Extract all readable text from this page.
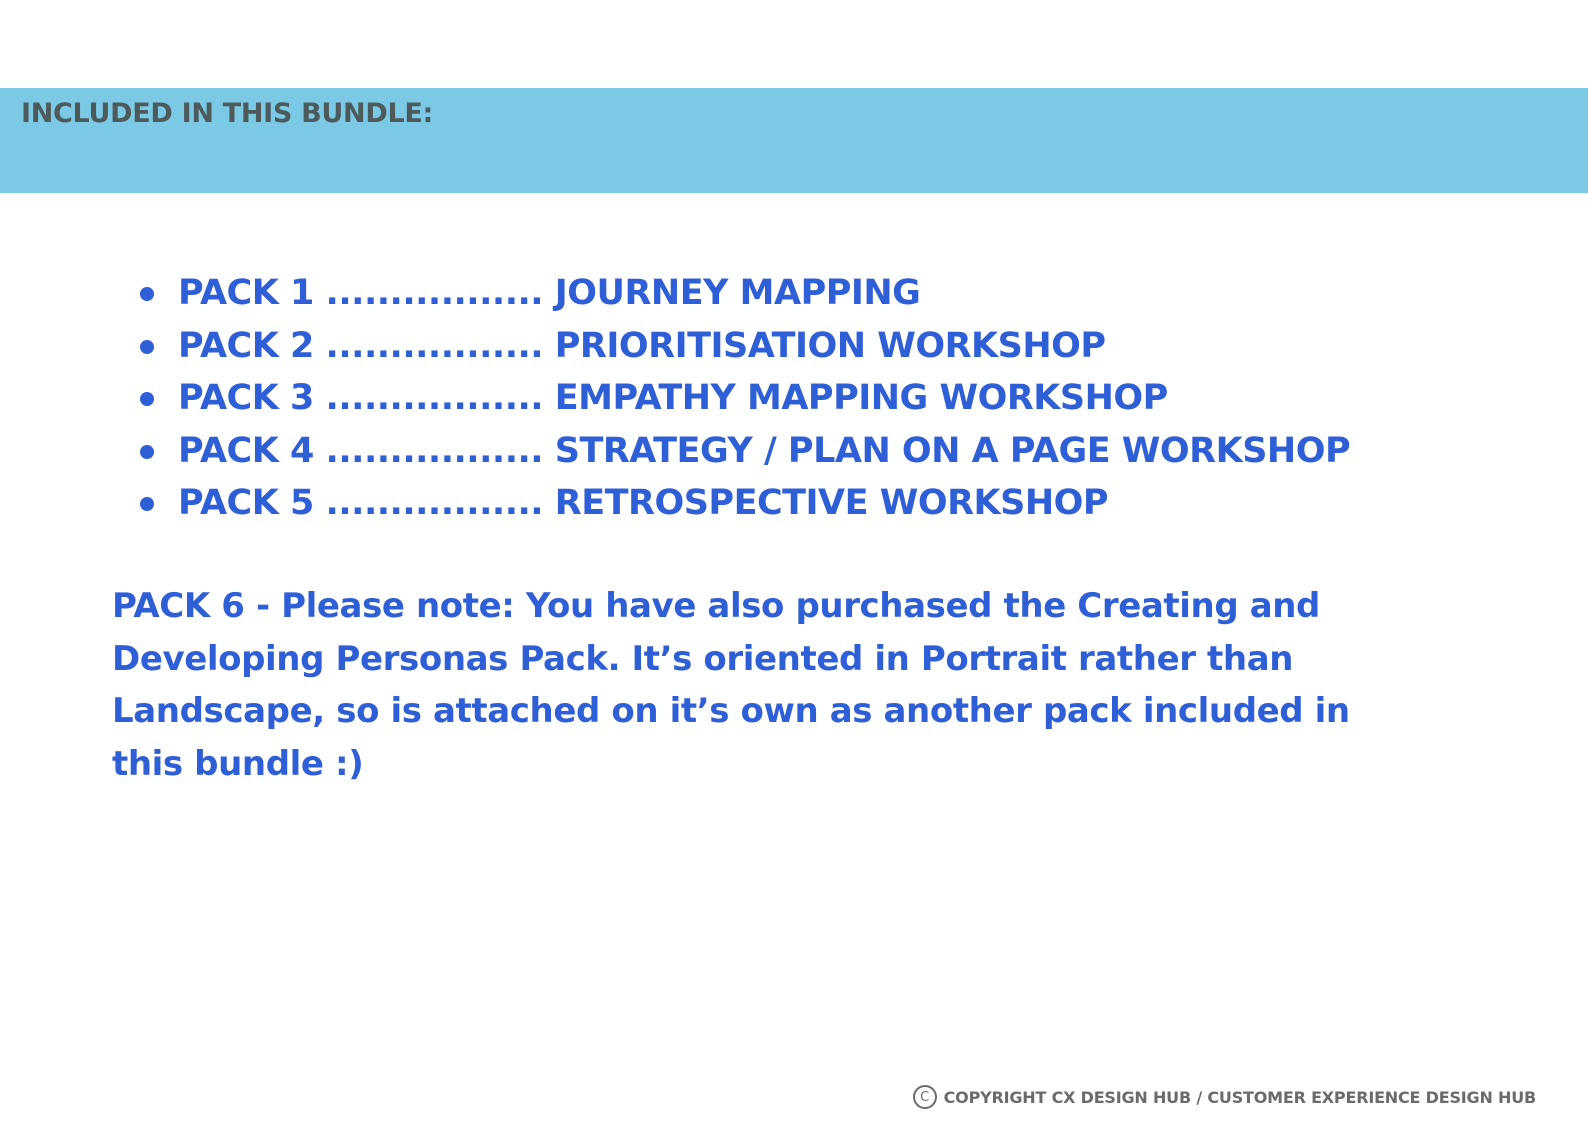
INCLUDED IN THIS BUNDLE:
PACK 1 ................. JOURNEY MAPPING
PACK 2 ................. PRIORITISATION WORKSHOP
PACK 3 ................. EMPATHY MAPPING WORKSHOP
PACK 4 ................. STRATEGY / PLAN ON A PAGE WORKSHOP
PACK 5 ................. RETROSPECTIVE WORKSHOP
PACK 6 - Please note: You have also purchased the Creating and Developing Personas Pack. It’s oriented in Portrait rather than Landscape, so is attached on it’s own as another pack included in this bundle :)
C COPYRIGHT CX DESIGN HUB / CUSTOMER EXPERIENCE DESIGN HUB
